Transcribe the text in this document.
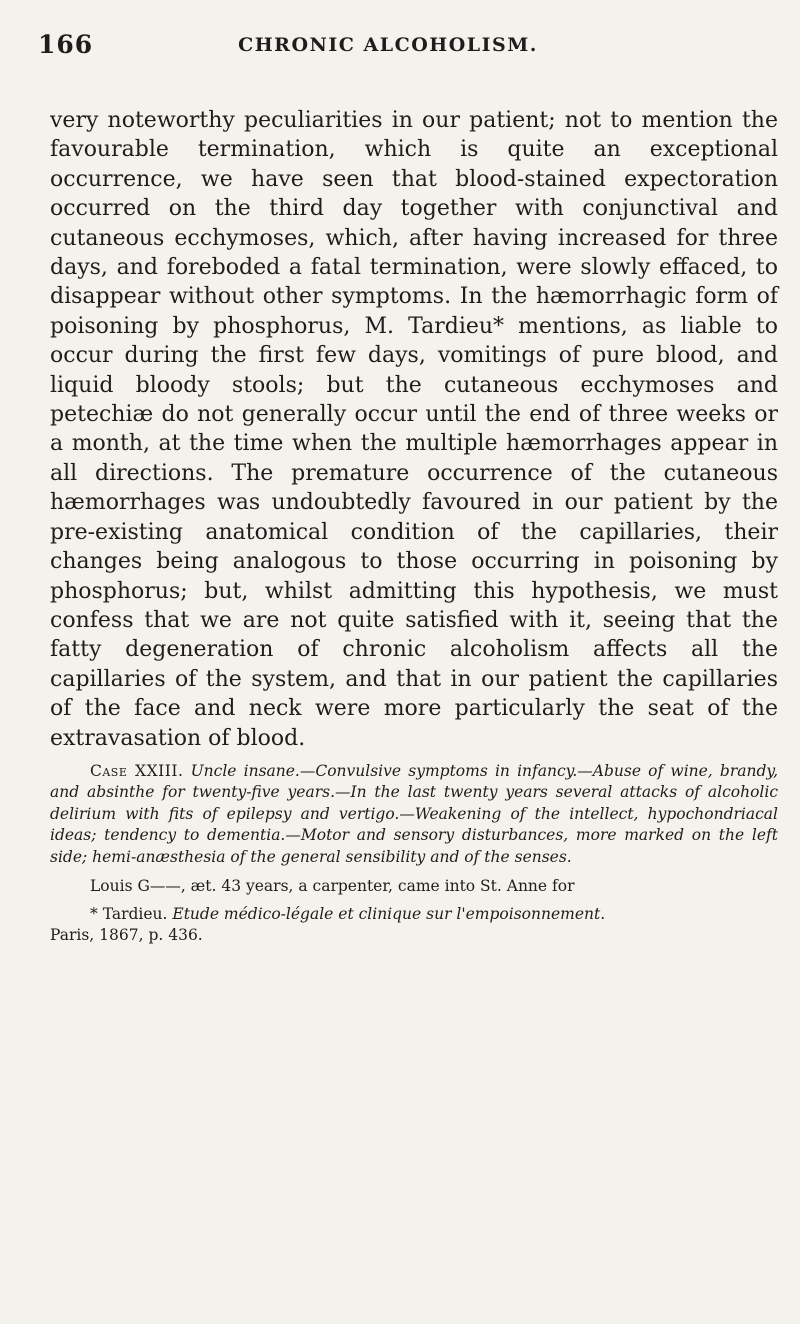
166	CHRONIC ALCOHOLISM.

very noteworthy peculiarities in our patient; not to mention the favourable termination, which is quite an exceptional occurrence, we have seen that blood-stained expectoration occurred on the third day together with conjunctival and cutaneous ecchymoses, which, after having increased for three days, and foreboded a fatal termination, were slowly effaced, to disappear without other symptoms. In the hæmorrhagic form of poisoning by phosphorus, M. Tardieu* mentions, as liable to occur during the first few days, vomitings of pure blood, and liquid bloody stools; but the cutaneous ecchymoses and petechiæ do not generally occur until the end of three weeks or a month, at the time when the multiple hæmorrhages appear in all directions. The premature occurrence of the cutaneous hæmorrhages was undoubtedly favoured in our patient by the pre-existing anatomical condition of the capillaries, their changes being analogous to those occurring in poisoning by phosphorus; but, whilst admitting this hypothesis, we must confess that we are not quite satisfied with it, seeing that the fatty degeneration of chronic alcoholism affects all the capillaries of the system, and that in our patient the capillaries of the face and neck were more particularly the seat of the extravasation of blood.

Case XXIII. Uncle insane.—Convulsive symptoms in infancy.—Abuse of wine, brandy, and absinthe for twenty-five years.—In the last twenty years several attacks of alcoholic delirium with fits of epilepsy and vertigo.—Weakening of the intellect, hypochondriacal ideas; tendency to dementia.—Motor and sensory disturbances, more marked on the left side; hemi-anæsthesia of the general sensibility and of the senses.

Louis G——, æt. 43 years, a carpenter, came into St. Anne for

* Tardieu. Etude médico-légale et clinique sur l'empoisonnement.
Paris, 1867, p. 436.
